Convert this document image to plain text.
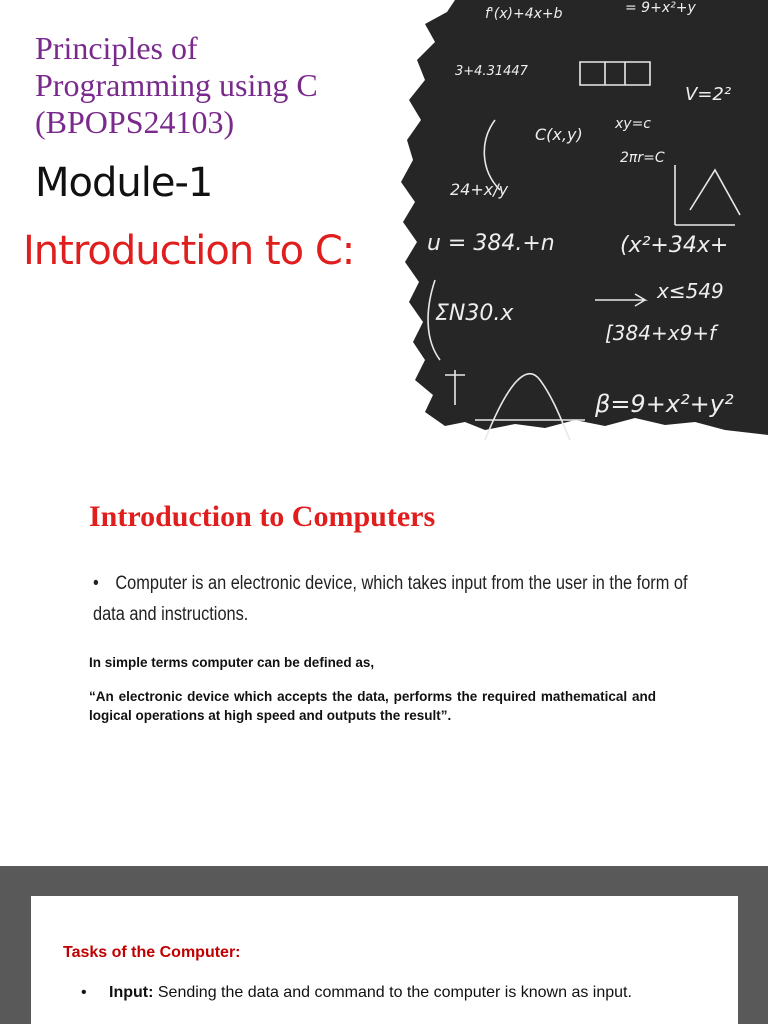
Principles of
Programming using C
(BPOPS24103)
Module-1
Introduction to C:
f'(x)+4x+b	= 9+x²+y
3+4.31447
C(x,y)
xy=c
2πr=C
V=2²
24+x/y
u = 384.+n	(x²+34x+
x≤549
ΣN30.x
[384+x9+f
β=9+x²+y²
Introduction to Computers
• Computer is an electronic device, which takes input from the user in the form of
data and instructions.
In simple terms computer can be defined as,
“An electronic device which accepts the data, performs the required mathematical and logical operations at high speed and outputs the result”.
Tasks of the Computer:
• Input: Sending the data and command to the computer is known as input.
